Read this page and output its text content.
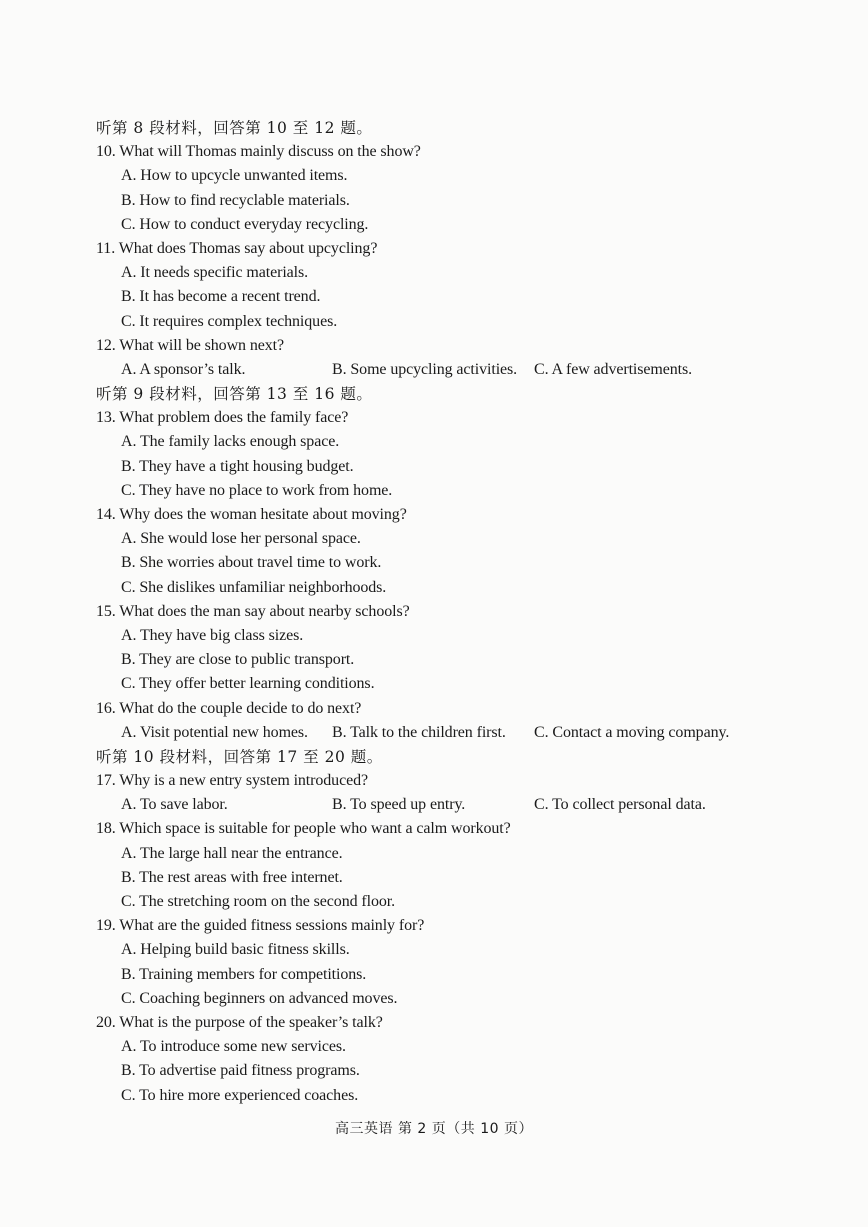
听第 8 段材料，回答第 10 至 12 题。
10. What will Thomas mainly discuss on the show?
A. How to upcycle unwanted items.
B. How to find recyclable materials.
C. How to conduct everyday recycling.
11. What does Thomas say about upcycling?
A. It needs specific materials.
B. It has become a recent trend.
C. It requires complex techniques.
12. What will be shown next?
A. A sponsor’s talk.	B. Some upcycling activities. C. A few advertisements.
听第 9 段材料，回答第 13 至 16 题。
13. What problem does the family face?
A. The family lacks enough space.
B. They have a tight housing budget.
C. They have no place to work from home.
14. Why does the woman hesitate about moving?
A. She would lose her personal space.
B. She worries about travel time to work.
C. She dislikes unfamiliar neighborhoods.
15. What does the man say about nearby schools?
A. They have big class sizes.
B. They are close to public transport.
C. They offer better learning conditions.
16. What do the couple decide to do next?
A. Visit potential new homes. B. Talk to the children first. C. Contact a moving company.
听第 10 段材料，回答第 17 至 20 题。
17. Why is a new entry system introduced?
A. To save labor.	B. To speed up entry.	C. To collect personal data.
18. Which space is suitable for people who want a calm workout?
A. The large hall near the entrance.
B. The rest areas with free internet.
C. The stretching room on the second floor.
19. What are the guided fitness sessions mainly for?
A. Helping build basic fitness skills.
B. Training members for competitions.
C. Coaching beginners on advanced moves.
20. What is the purpose of the speaker’s talk?
A. To introduce some new services.
B. To advertise paid fitness programs.
C. To hire more experienced coaches.
高三英语 第 2 页（共 10 页）
